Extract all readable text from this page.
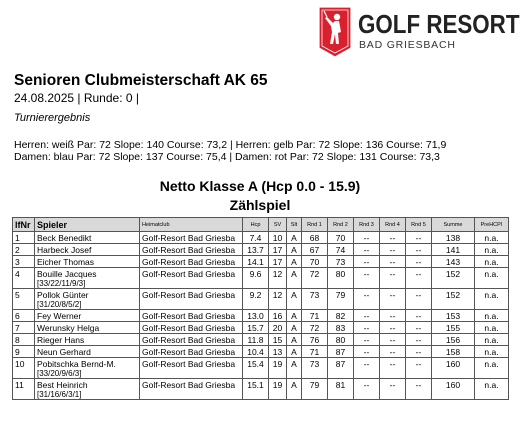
GOLF RESORT
BAD GRIESBACH
Senioren Clubmeisterschaft AK 65
24.08.2025 | Runde: 0 |
Turnierergebnis
Herren: weiß Par: 72 Slope: 140 Course: 73,2 | Herren: gelb Par: 72 Slope: 136 Course: 71,9
Damen: blau Par: 72 Slope: 137 Course: 75,4 | Damen: rot Par: 72 Slope: 131 Course: 73,3
Netto Klasse A (Hcp 0.0 - 15.9)
Zählspiel
lfNr	Spieler	Heimatclub	Hcp	SV	Slt	Rnd 1	Rnd 2	Rnd 3	Rnd 4	Rnd 5	Summe	PreHCPI
1	Beck Benedikt	Golf-Resort Bad Griesba	7.4	10	A	68	70	--	--	--	138	n.a.
2	Harbeck Josef	Golf-Resort Bad Griesba	13.7	17	A	67	74	--	--	--	141	n.a.
3	Eicher Thomas	Golf-Resort Bad Griesba	14.1	17	A	70	73	--	--	--	143	n.a.
4	Bouille Jacques
[33/22/11/9/3]	Golf-Resort Bad Griesba	9.6	12	A	72	80	--	--	--	152	n.a.
5	Pollok Günter
[31/20/8/5/2]	Golf-Resort Bad Griesba	9.2	12	A	73	79	--	--	--	152	n.a.
6	Fey Werner	Golf-Resort Bad Griesba	13.0	16	A	71	82	--	--	--	153	n.a.
7	Werunsky Helga	Golf-Resort Bad Griesba	15.7	20	A	72	83	--	--	--	155	n.a.
8	Rieger Hans	Golf-Resort Bad Griesba	11.8	15	A	76	80	--	--	--	156	n.a.
9	Neun Gerhard	Golf-Resort Bad Griesba	10.4	13	A	71	87	--	--	--	158	n.a.
10	Pobitschka Bernd-M.
[33/20/9/6/3]	Golf-Resort Bad Griesba	15.4	19	A	73	87	--	--	--	160	n.a.
11	Best Heinrich
[31/16/6/3/1]	Golf-Resort Bad Griesba	15.1	19	A	79	81	--	--	--	160	n.a.
